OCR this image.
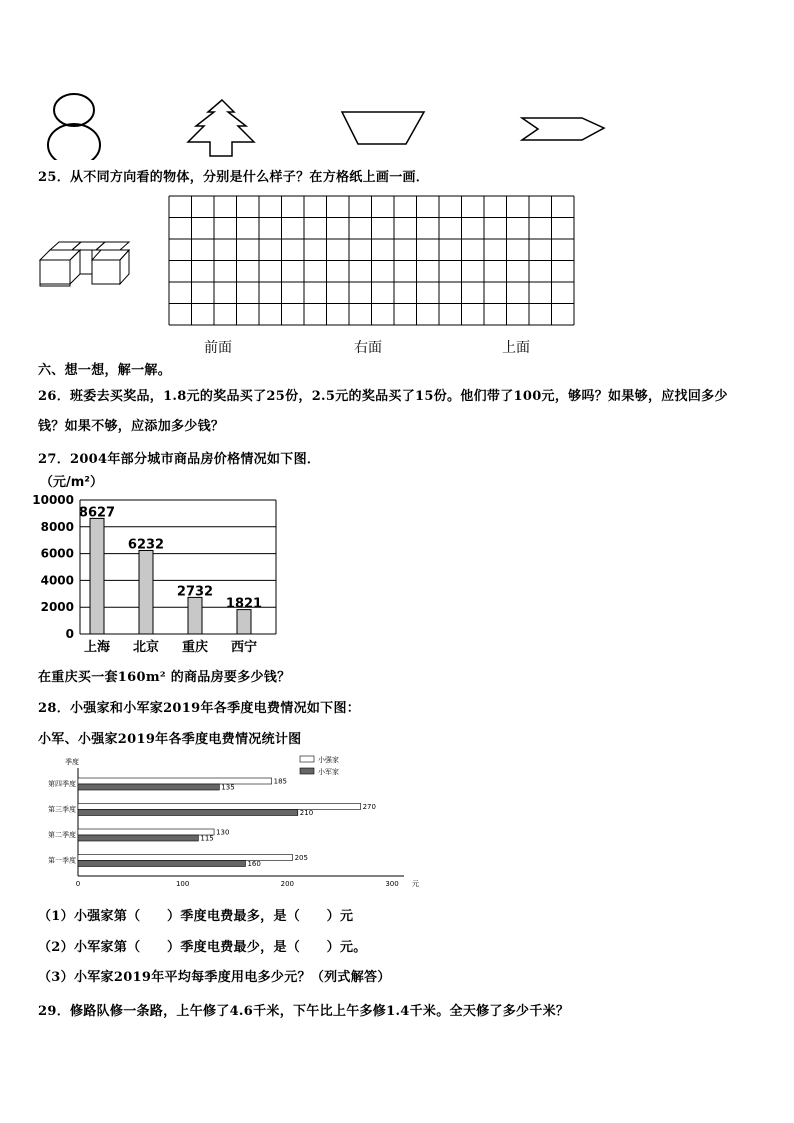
25．从不同方向看的物体，分别是什么样子？在方格纸上画一画．
前面	右面	上面
六、想一想，解一解。
26．班委去买奖品，1.8元的奖品买了25份，2.5元的奖品买了15份。他们带了100元，够吗？如果够，应找回多少
钱？如果不够，应添加多少钱？
27．2004年部分城市商品房价格情况如下图．
（元/m²）
0
2000
4000
6000
8000
10000
8627
上海
6232
北京
2732
重庆
1821
西宁
在重庆买一套160m² 的商品房要多少钱？
28．小强家和小军家2019年各季度电费情况如下图：
小军、小强家2019年各季度电费情况统计图
季度
0	100	200	300 元
小强家
小军家
第四季度	185
135
第三季度	270
210
第二季度	130
115
第一季度	205
160
（1）小强家第（　　）季度电费最多，是（　　）元
（2）小军家第（　　）季度电费最少，是（　　）元。
（3）小军家2019年平均每季度用电多少元？（列式解答）
29．修路队修一条路，上午修了4.6千米，下午比上午多修1.4千米。全天修了多少千米？
